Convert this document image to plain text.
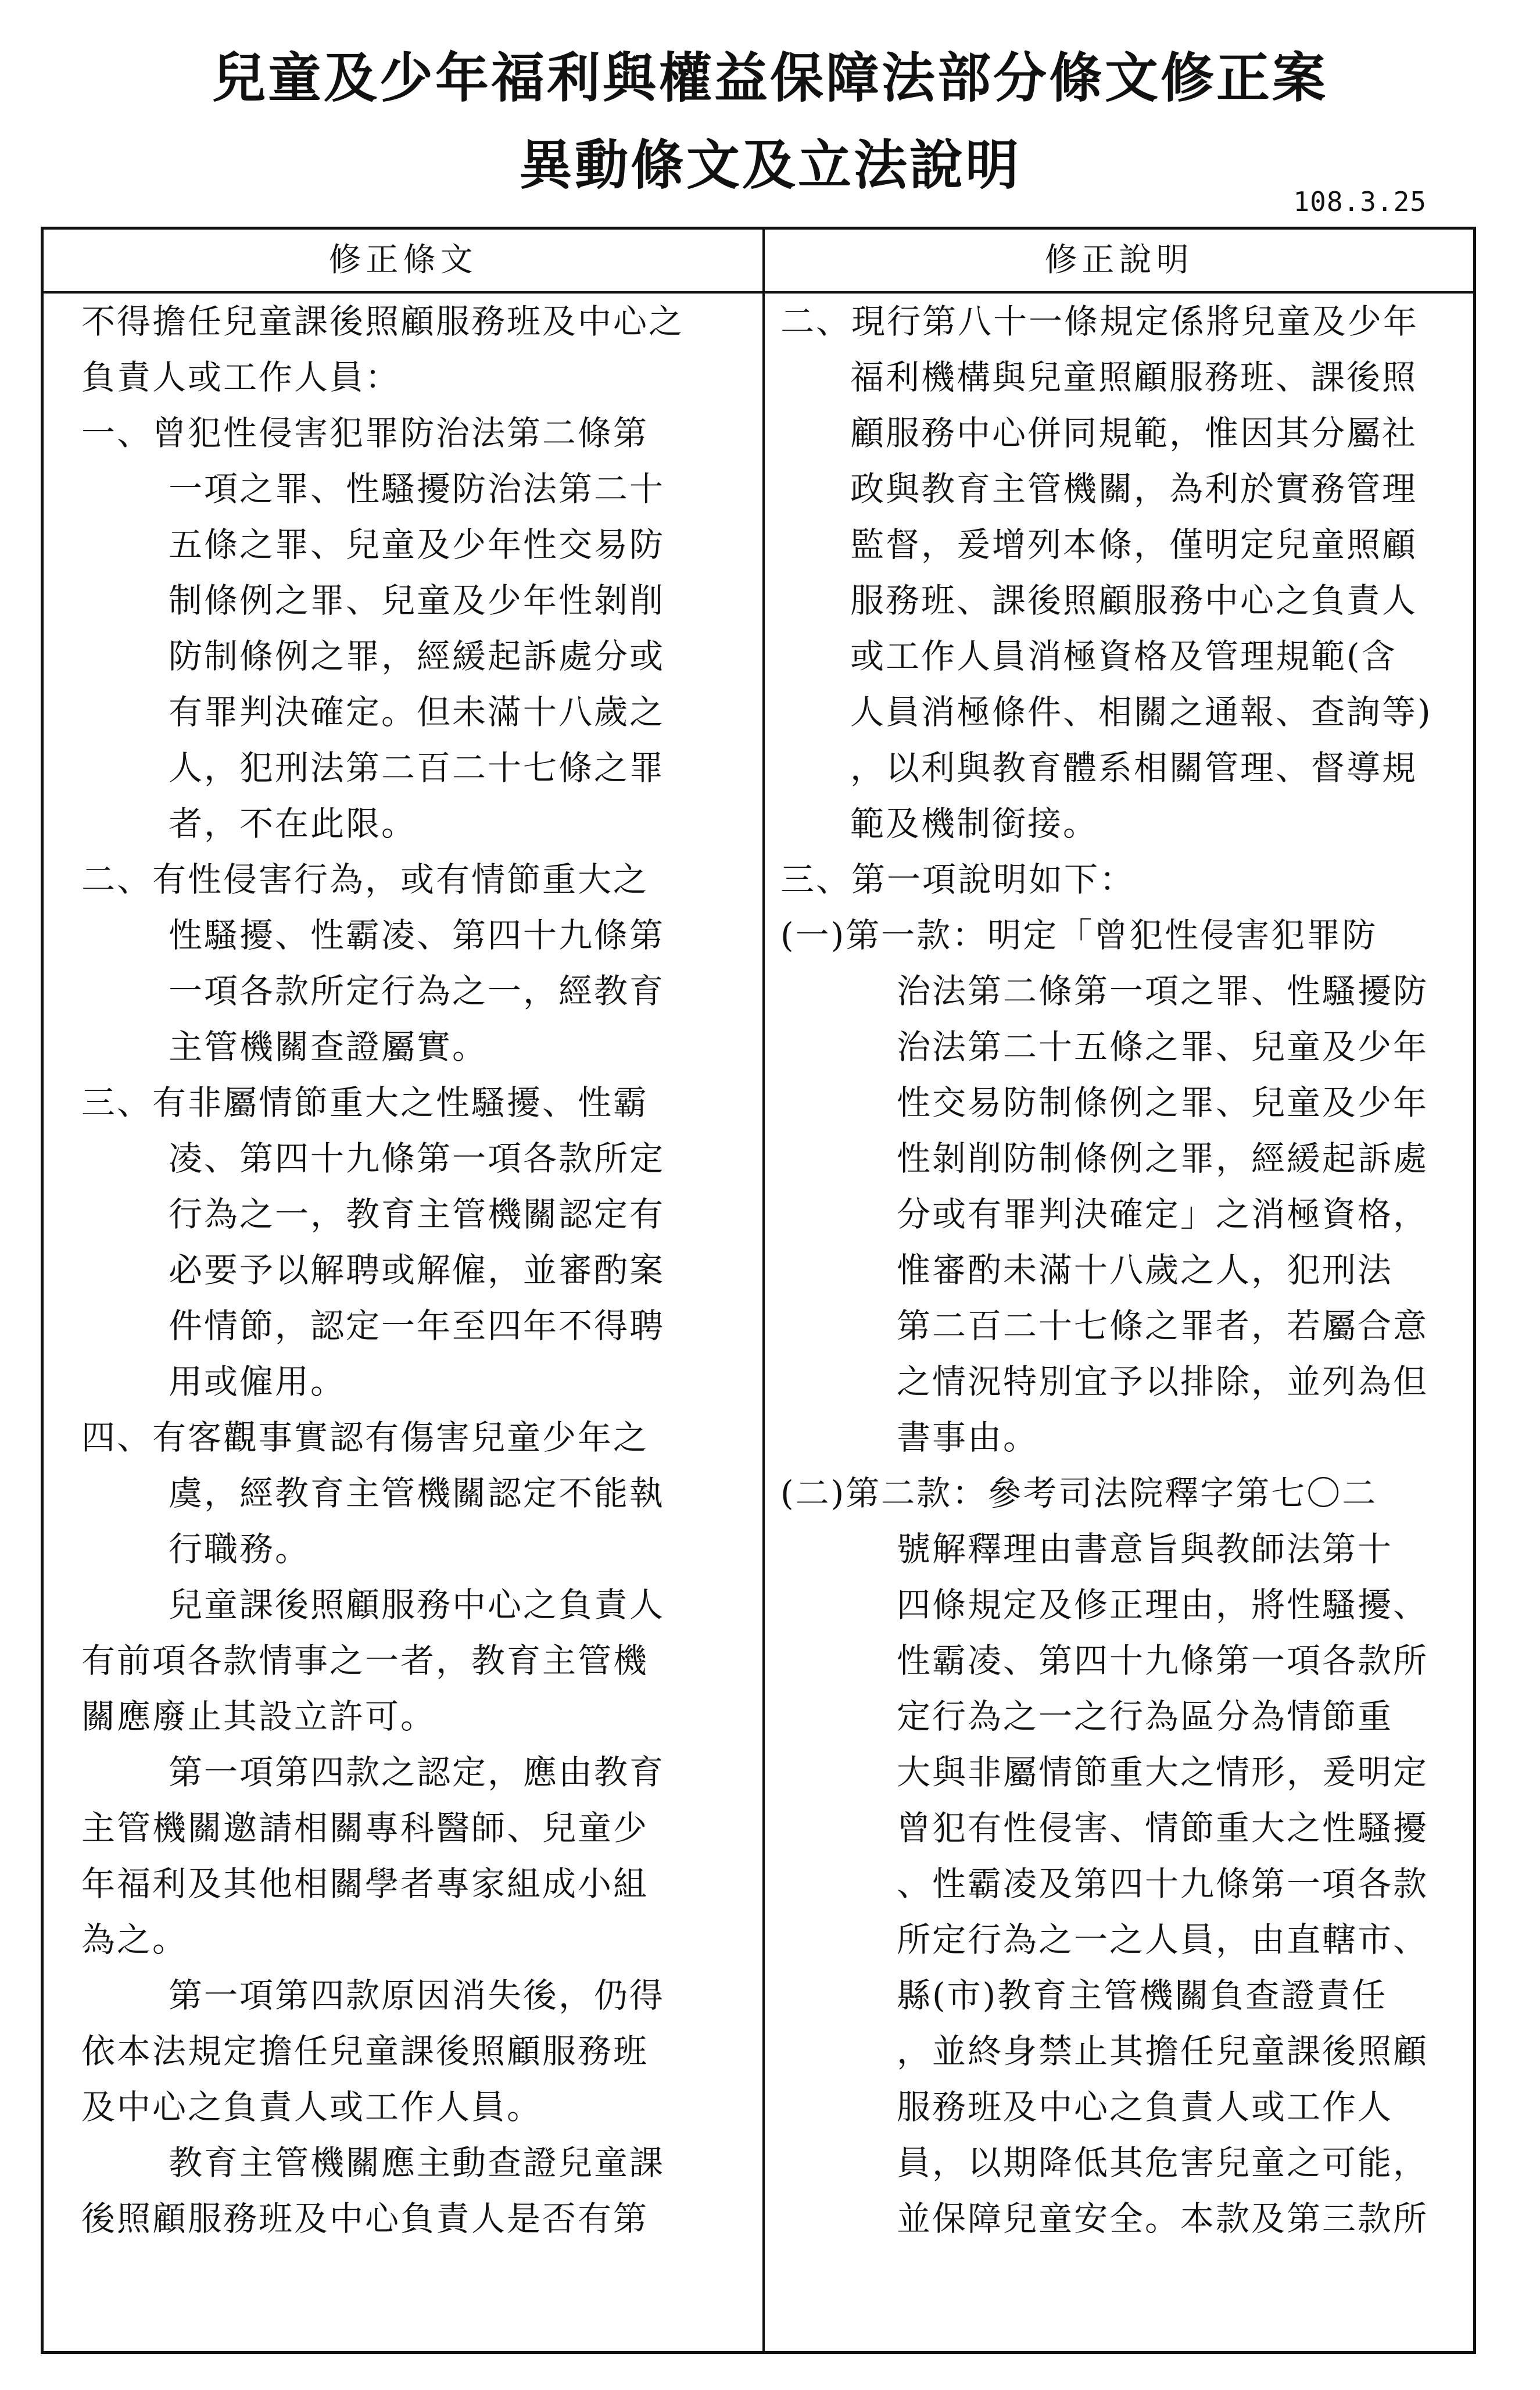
兒童及少年福利與權益保障法部分條文修正案

異動條文及立法說明

108.3.25
修正條文	修正說明
不得擔任兒童課後照顧服務班及中心之
負責人或工作人員：
一、曾犯性侵害犯罪防治法第二條第
一項之罪、性騷擾防治法第二十
五條之罪、兒童及少年性交易防
制條例之罪、兒童及少年性剝削
防制條例之罪，經緩起訴處分或
有罪判決確定。但未滿十八歲之
人，犯刑法第二百二十七條之罪
者，不在此限。
二、有性侵害行為，或有情節重大之
性騷擾、性霸凌、第四十九條第
一項各款所定行為之一，經教育
主管機關查證屬實。
三、有非屬情節重大之性騷擾、性霸
凌、第四十九條第一項各款所定
行為之一，教育主管機關認定有
必要予以解聘或解僱，並審酌案
件情節，認定一年至四年不得聘
用或僱用。
四、有客觀事實認有傷害兒童少年之
虞，經教育主管機關認定不能執
行職務。
兒童課後照顧服務中心之負責人
有前項各款情事之一者，教育主管機
關應廢止其設立許可。
第一項第四款之認定，應由教育
主管機關邀請相關專科醫師、兒童少
年福利及其他相關學者專家組成小組
為之。
第一項第四款原因消失後，仍得
依本法規定擔任兒童課後照顧服務班
及中心之負責人或工作人員。
教育主管機關應主動查證兒童課
後照顧服務班及中心負責人是否有第
二、現行第八十一條規定係將兒童及少年
福利機構與兒童照顧服務班、課後照
顧服務中心併同規範，惟因其分屬社
政與教育主管機關，為利於實務管理
監督，爰增列本條，僅明定兒童照顧
服務班、課後照顧服務中心之負責人
或工作人員消極資格及管理規範(含
人員消極條件、相關之通報、查詢等)
，以利與教育體系相關管理、督導規
範及機制銜接。
三、第一項說明如下：
(一)第一款：明定「曾犯性侵害犯罪防
治法第二條第一項之罪、性騷擾防
治法第二十五條之罪、兒童及少年
性交易防制條例之罪、兒童及少年
性剝削防制條例之罪，經緩起訴處
分或有罪判決確定」之消極資格，
惟審酌未滿十八歲之人，犯刑法
第二百二十七條之罪者，若屬合意
之情況特別宜予以排除，並列為但
書事由。
(二)第二款：參考司法院釋字第七〇二
號解釋理由書意旨與教師法第十
四條規定及修正理由，將性騷擾、
性霸凌、第四十九條第一項各款所
定行為之一之行為區分為情節重
大與非屬情節重大之情形，爰明定
曾犯有性侵害、情節重大之性騷擾
、性霸凌及第四十九條第一項各款
所定行為之一之人員，由直轄市、
縣(市)教育主管機關負查證責任
，並終身禁止其擔任兒童課後照顧
服務班及中心之負責人或工作人
員，以期降低其危害兒童之可能，
並保障兒童安全。本款及第三款所
